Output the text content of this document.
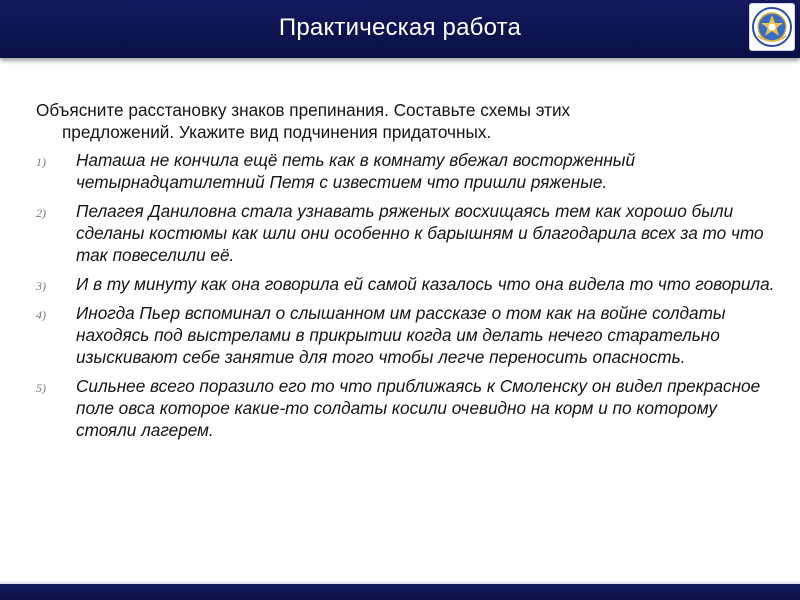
Практическая работа

Объясните расстановку знаков препинания. Составьте схемы этих
предложений. Укажите вид подчинения придаточных.

1)	Наташа не кончила ещё петь как в комнату вбежал восторженный четырнадцатилетний Петя с известием что пришли ряженые.
2)	Пелагея Даниловна стала узнавать ряженых восхищаясь тем как хорошо были сделаны костюмы как шли они особенно к барышням и благодарила всех за то что так повеселили её.
3)	И в ту минуту как она говорила ей самой казалось что она видела то что говорила.
4)	Иногда Пьер вспоминал о слышанном им рассказе о том как на войне солдаты находясь под выстрелами в прикрытии когда им делать нечего старательно изыскивают себе занятие для того чтобы легче переносить опасность.
5)	Сильнее всего поразило его то что приближаясь к Смоленску он видел прекрасное поле овса которое какие-то солдаты косили очевидно на корм и по которому стояли лагерем.
